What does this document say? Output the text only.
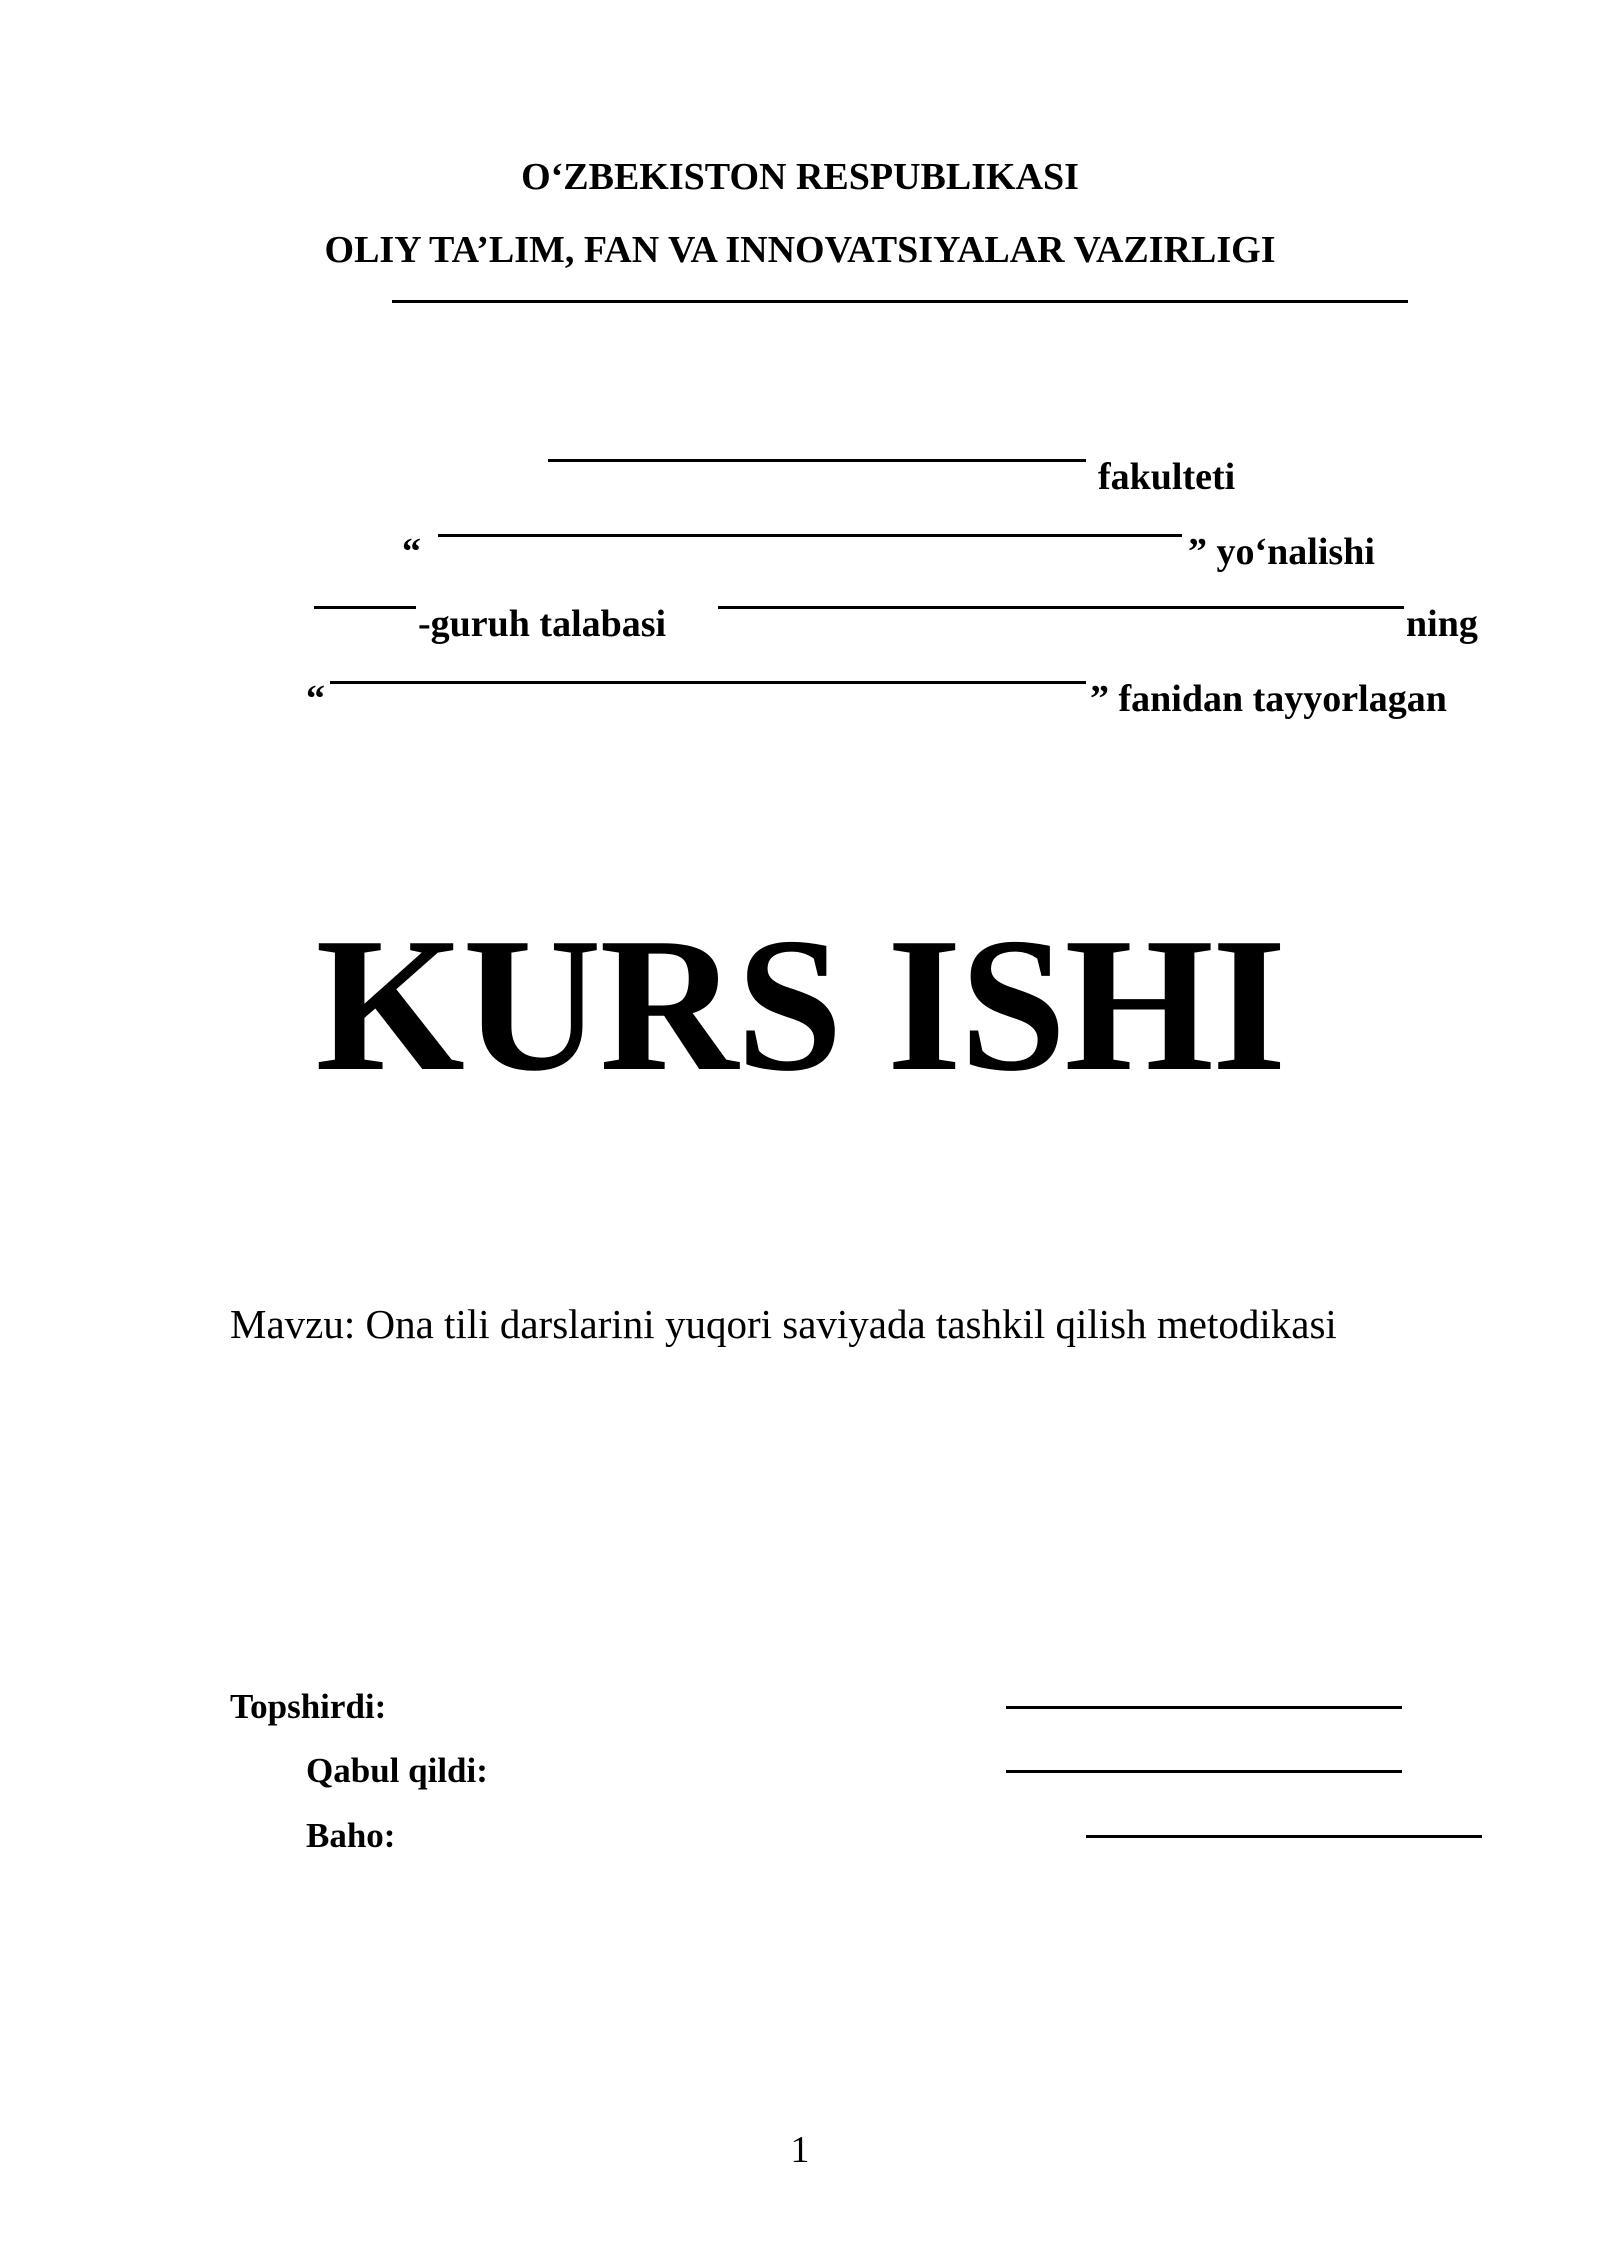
O‘ZBEKISTON RESPUBLIKASI
OLIY TA’LIM, FAN VA INNOVATSIYALAR VAZIRLIGI
fakulteti
“	” yo‘nalishi
-guruh talabasi	ning
“	” fanidan tayyorlagan
KURS ISHI
Mavzu: Ona tili darslarini yuqori saviyada tashkil qilish metodikasi
Topshirdi:
Qabul qildi:
Baho:
1
